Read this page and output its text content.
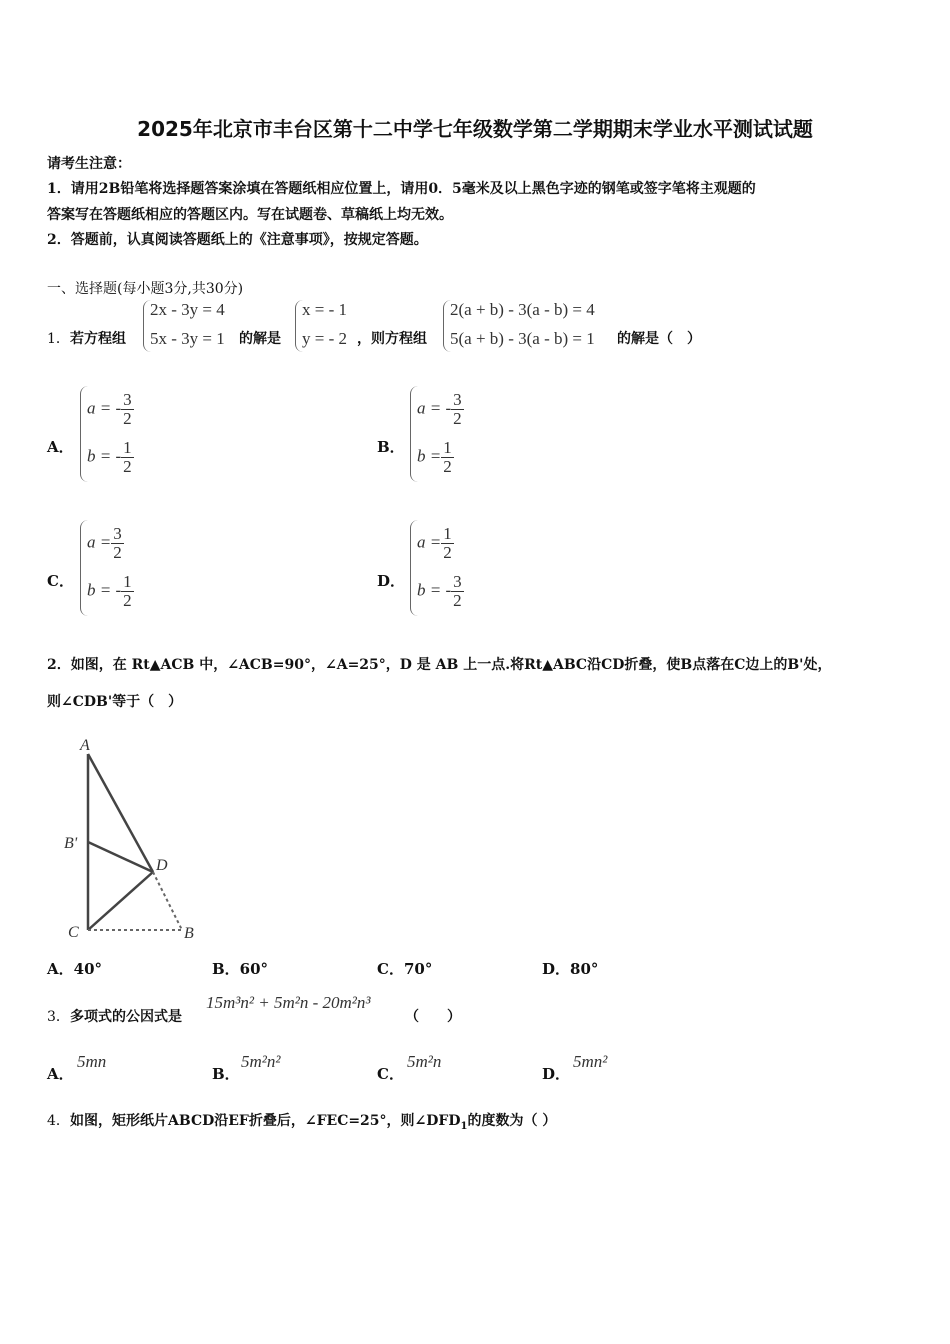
2025年北京市丰台区第十二中学七年级数学第二学期期末学业水平测试试题
请考生注意：
1．请用2B铅笔将选择题答案涂填在答题纸相应位置上，请用0．5毫米及以上黑色字迹的钢笔或签字笔将主观题的
答案写在答题纸相应的答题区内。写在试题卷、草稿纸上均无效。
2．答题前，认真阅读答题纸上的《注意事项》，按规定答题。
一、选择题(每小题3分,共30分)
1． 若方程组
2x - 3y = 4
5x - 3y = 1 的解是
x = - 1
y = - 2 ，则方程组
2(a + b) - 3(a - b) = 4
5(a + b) - 3(a - b) = 1 的解是（　）
A．
a = - $\frac{3}{2}$
b = - $\frac{1}{2}$	B．
a = - $\frac{3}{2}$
$b = \frac{1}{2}$
C．
$a = \frac{3}{2}$
b = - $\frac{1}{2}$	D．
$a = \frac{1}{2}$
b = - $\frac{3}{2}$
2．如图，在 Rt▲ACB 中，∠ACB=90°，∠A=25°，D 是 AB 上一点.将Rt▲ABC沿CD折叠，使B点落在C边上的B'处，
则∠CDB'等于（　）
A
B'
D
C	B
A．40°	B．60°	C．70°	D．80°
3． 多项式的公因式是
15m³n² + 5m²n - 20m²n³
（　　）
A．
5mn
B．
5m²n²
C．
5m²n
D．
5mn²
4． 如图，矩形纸片ABCD沿EF折叠后，∠FEC=25°，则$\angle DFD_1$的度数为（ ）
